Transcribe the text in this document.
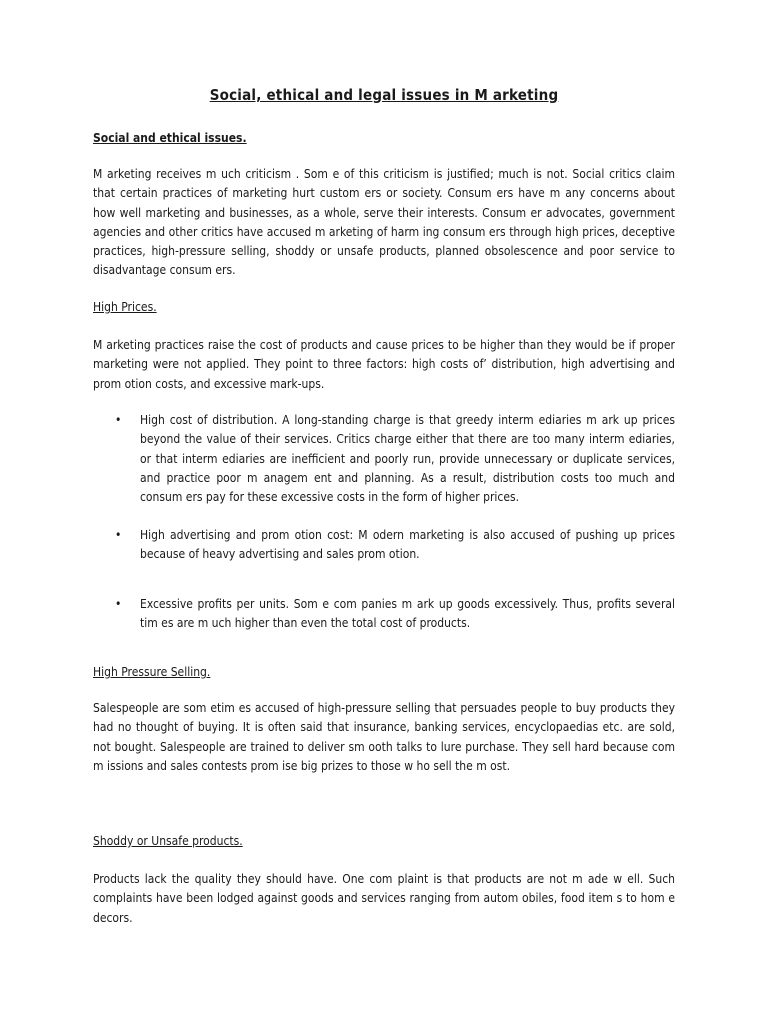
Social, ethical and legal issues in M arketing
Social and ethical issues.
M arketing receives m uch criticism . Som e of this criticism is justified; much is not. Social critics claim that certain practices of marketing hurt custom ers or society. Consum ers have m any concerns about how well marketing and businesses, as a whole, serve their interests. Consum er advocates, government agencies and other critics have accused m arketing of harm ing consum ers through high prices, deceptive practices, high-pressure selling, shoddy or unsafe products, planned obsolescence and poor service to disadvantage consum ers.
High Prices.
M arketing practices raise the cost of products and cause prices to be higher than they would be if proper marketing were not applied. They point to three factors: high costs of’ distribution, high advertising and prom otion costs, and excessive mark-ups.
•	High cost of distribution. A long-standing charge is that greedy interm ediaries m ark up prices beyond the value of their services. Critics charge either that there are too many interm ediaries, or that interm ediaries are inefficient and poorly run, provide unnecessary or duplicate services, and practice poor m anagem ent and planning. As a result, distribution costs too much and consum ers pay for these excessive costs in the form of higher prices.
•	High advertising and prom otion cost: M odern marketing is also accused of pushing up prices because of heavy advertising and sales prom otion.
•	Excessive profits per units. Som e com panies m ark up goods excessively. Thus, profits several tim es are m uch higher than even the total cost of products.
High Pressure Selling.
Salespeople are som etim es accused of high-pressure selling that persuades people to buy products they had no thought of buying. It is often said that insurance, banking services, encyclopaedias etc. are sold, not bought. Salespeople are trained to deliver sm ooth talks to lure purchase. They sell hard because com m issions and sales contests prom ise big prizes to those w ho sell the m ost.
Shoddy or Unsafe products.
Products lack the quality they should have. One com plaint is that products are not m ade w ell. Such complaints have been lodged against goods and services ranging from autom obiles, food item s to hom e decors.
